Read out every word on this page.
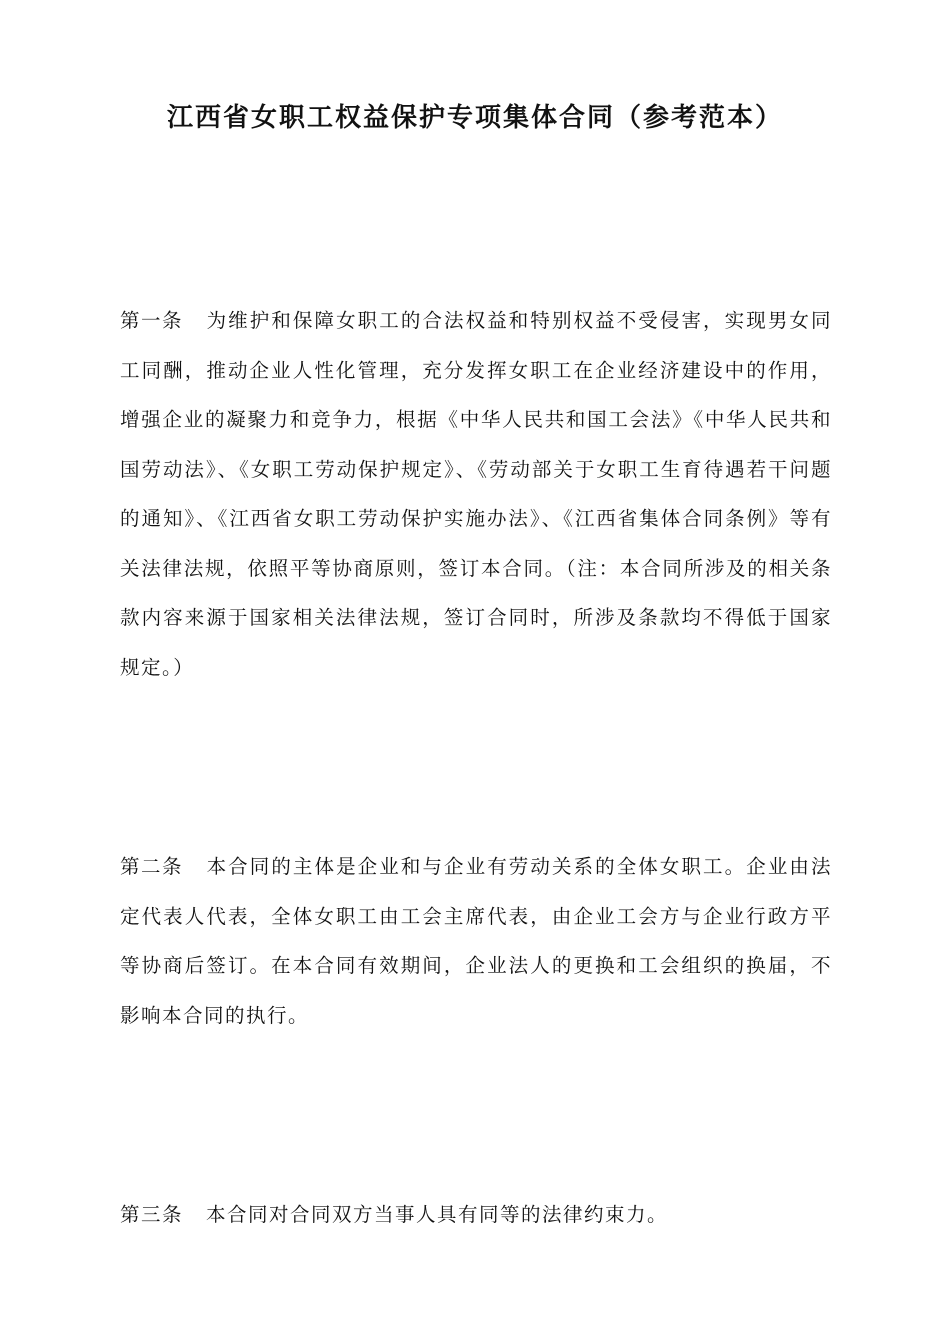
江西省女职工权益保护专项集体合同（参考范本）

第一条 为维护和保障女职工的合法权益和特别权益不受侵害，实现男女同工同酬，推动企业人性化管理，充分发挥女职工在企业经济建设中的作用，增强企业的凝聚力和竞争力，根据《中华人民共和国工会法》《中华人民共和国劳动法》、《女职工劳动保护规定》、《劳动部关于女职工生育待遇若干问题的通知》、《江西省女职工劳动保护实施办法》、《江西省集体合同条例》等有关法律法规，依照平等协商原则，签订本合同。（注：本合同所涉及的相关条款内容来源于国家相关法律法规，签订合同时，所涉及条款均不得低于国家规定。）

第二条 本合同的主体是企业和与企业有劳动关系的全体女职工。企业由法定代表人代表，全体女职工由工会主席代表，由企业工会方与企业行政方平等协商后签订。在本合同有效期间，企业法人的更换和工会组织的换届，不影响本合同的执行。

第三条 本合同对合同双方当事人具有同等的法律约束力。
